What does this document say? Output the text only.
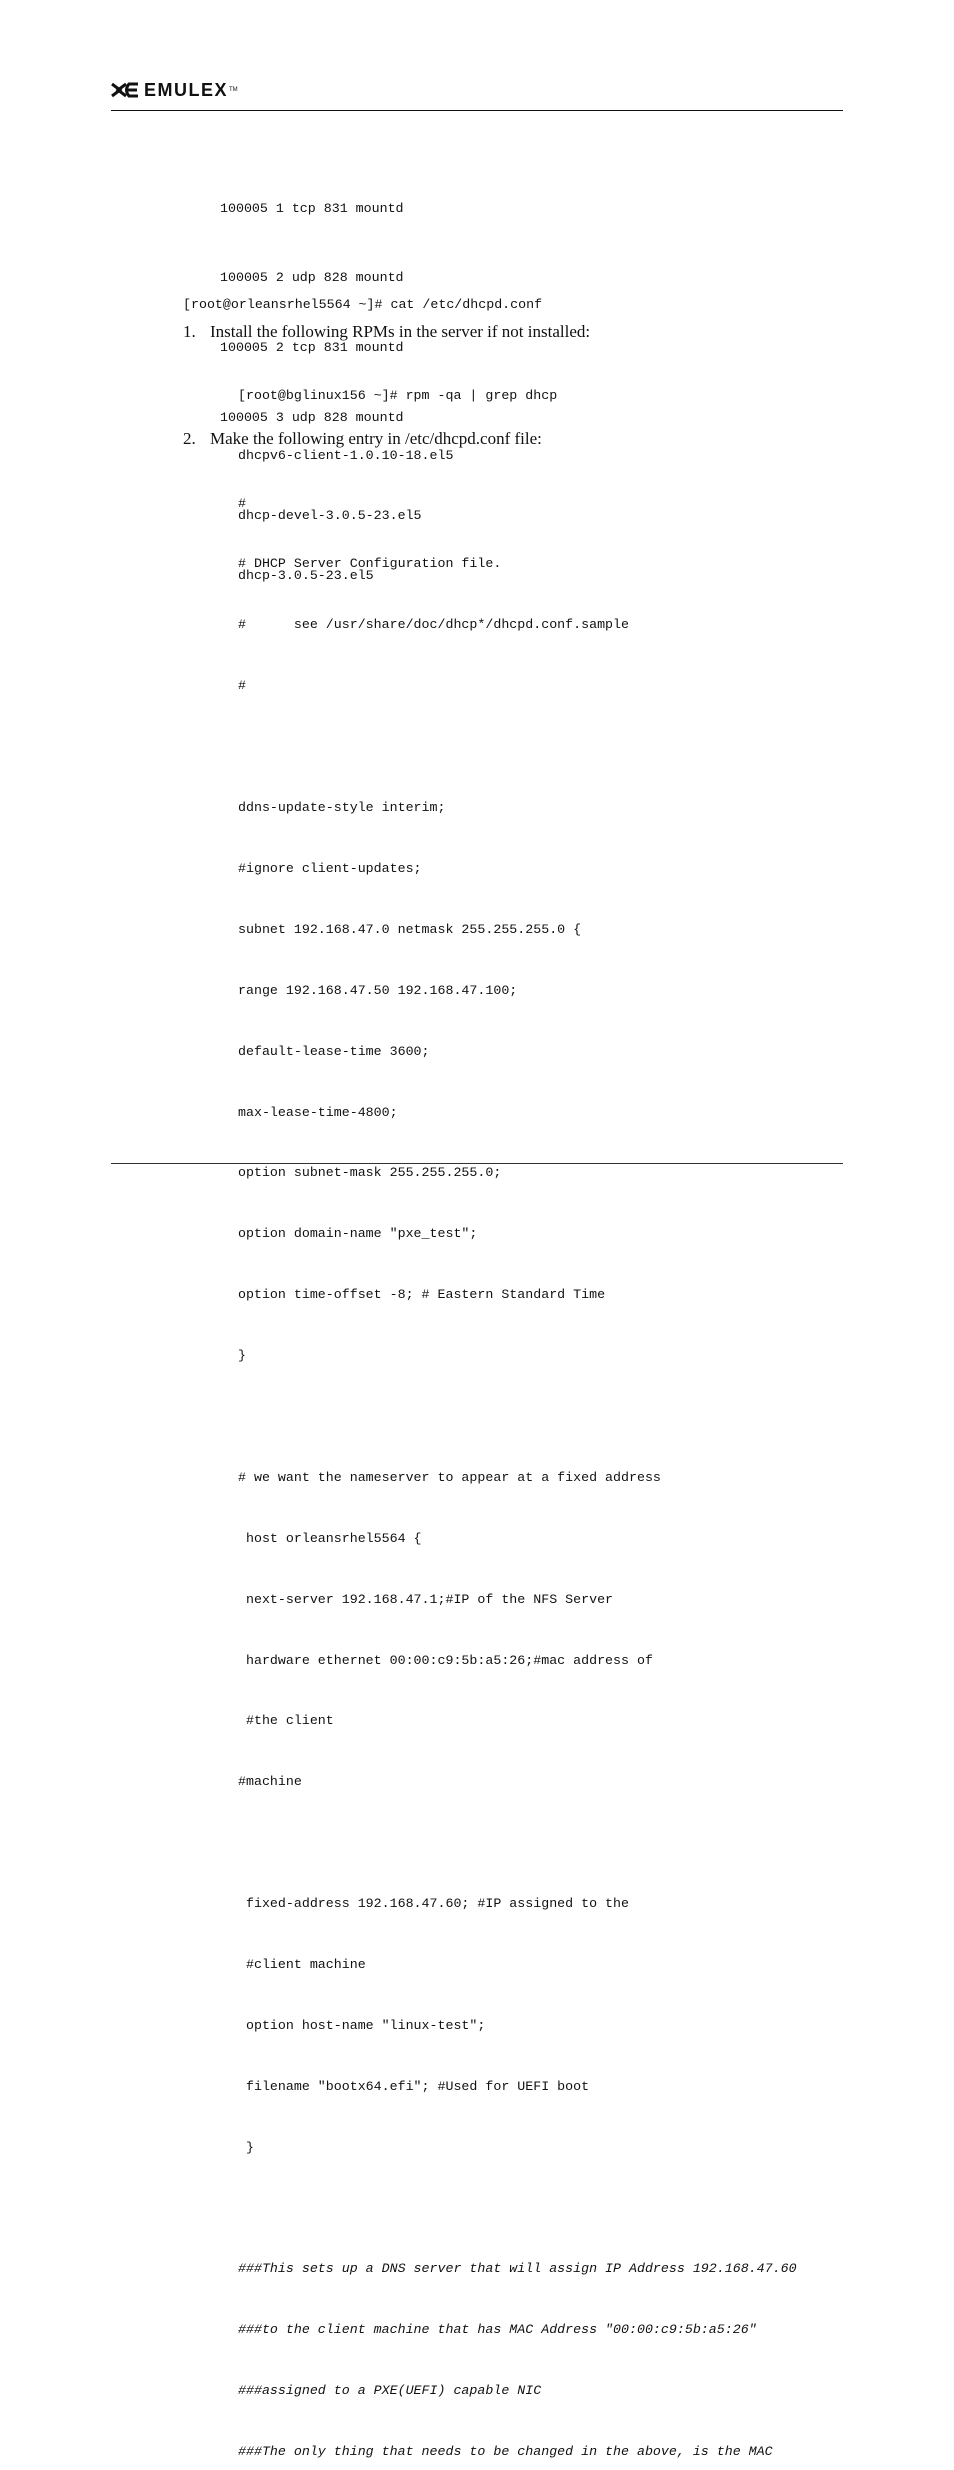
EMULEX TM

100005 1 tcp 831 mountd

100005 2 udp 828 mountd

100005 2 tcp 831 mountd

100005 3 udp 828 mountd

[root@orleansrhel5564 ~]# cat /etc/dhcpd.conf
1. Install the following RPMs in the server if not installed:

[root@bglinux156 ~]# rpm -qa | grep dhcp

dhcpv6-client-1.0.10-18.el5

dhcp-devel-3.0.5-23.el5

dhcp-3.0.5-23.el5

2. Make the following entry in /etc/dhcpd.conf file:

#

# DHCP Server Configuration file.

#      see /usr/share/doc/dhcp*/dhcpd.conf.sample

#

ddns-update-style interim;

#ignore client-updates;

subnet 192.168.47.0 netmask 255.255.255.0 {

range 192.168.47.50 192.168.47.100;

default-lease-time 3600;

max-lease-time-4800;

option subnet-mask 255.255.255.0;

option domain-name "pxe_test";

option time-offset -8; # Eastern Standard Time

}

# we want the nameserver to appear at a fixed address

host orleansrhel5564 {

next-server 192.168.47.1;#IP of the NFS Server

hardware ethernet 00:00:c9:5b:a5:26;#mac address of

#the client

#machine

fixed-address 192.168.47.60; #IP assigned to the

#client machine

option host-name "linux-test";

filename "bootx64.efi"; #Used for UEFI boot

}

###This sets up a DNS server that will assign IP Address 192.168.47.60

###to the client machine that has MAC Address "00:00:c9:5b:a5:26"

###assigned to a PXE(UEFI) capable NIC

###The only thing that needs to be changed in the above, is the MAC
